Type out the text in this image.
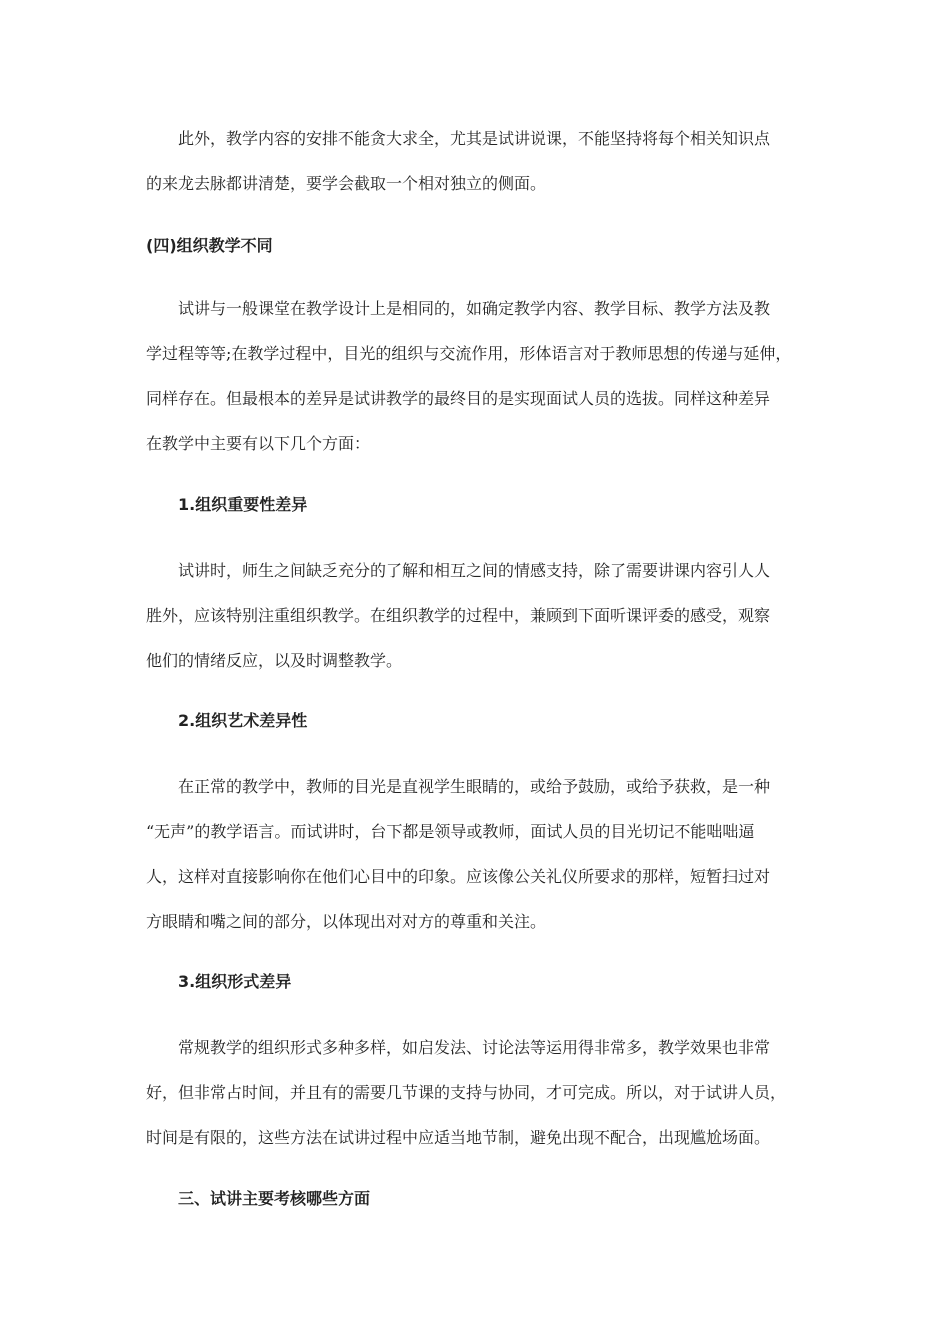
此外，教学内容的安排不能贪大求全，尤其是试讲说课，不能坚持将每个相关知识点
的来龙去脉都讲清楚，要学会截取一个相对独立的侧面。
(四)组织教学不同
试讲与一般课堂在教学设计上是相同的，如确定教学内容、教学目标、教学方法及教
学过程等等;在教学过程中，目光的组织与交流作用，形体语言对于教师思想的传递与延伸，
同样存在。但最根本的差异是试讲教学的最终目的是实现面试人员的选拔。同样这种差异
在教学中主要有以下几个方面：
1.组织重要性差异
试讲时，师生之间缺乏充分的了解和相互之间的情感支持，除了需要讲课内容引人人
胜外，应该特别注重组织教学。在组织教学的过程中，兼顾到下面听课评委的感受，观察
他们的情绪反应，以及时调整教学。
2.组织艺术差异性
在正常的教学中，教师的目光是直视学生眼睛的，或给予鼓励，或给予获救，是一种
“无声”的教学语言。而试讲时，台下都是领导或教师，面试人员的目光切记不能咄咄逼
人，这样对直接影响你在他们心目中的印象。应该像公关礼仪所要求的那样，短暂扫过对
方眼睛和嘴之间的部分，以体现出对对方的尊重和关注。
3.组织形式差异
常规教学的组织形式多种多样，如启发法、讨论法等运用得非常多，教学效果也非常
好，但非常占时间，并且有的需要几节课的支持与协同，才可完成。所以，对于试讲人员，
时间是有限的，这些方法在试讲过程中应适当地节制，避免出现不配合，出现尴尬场面。
三、试讲主要考核哪些方面
